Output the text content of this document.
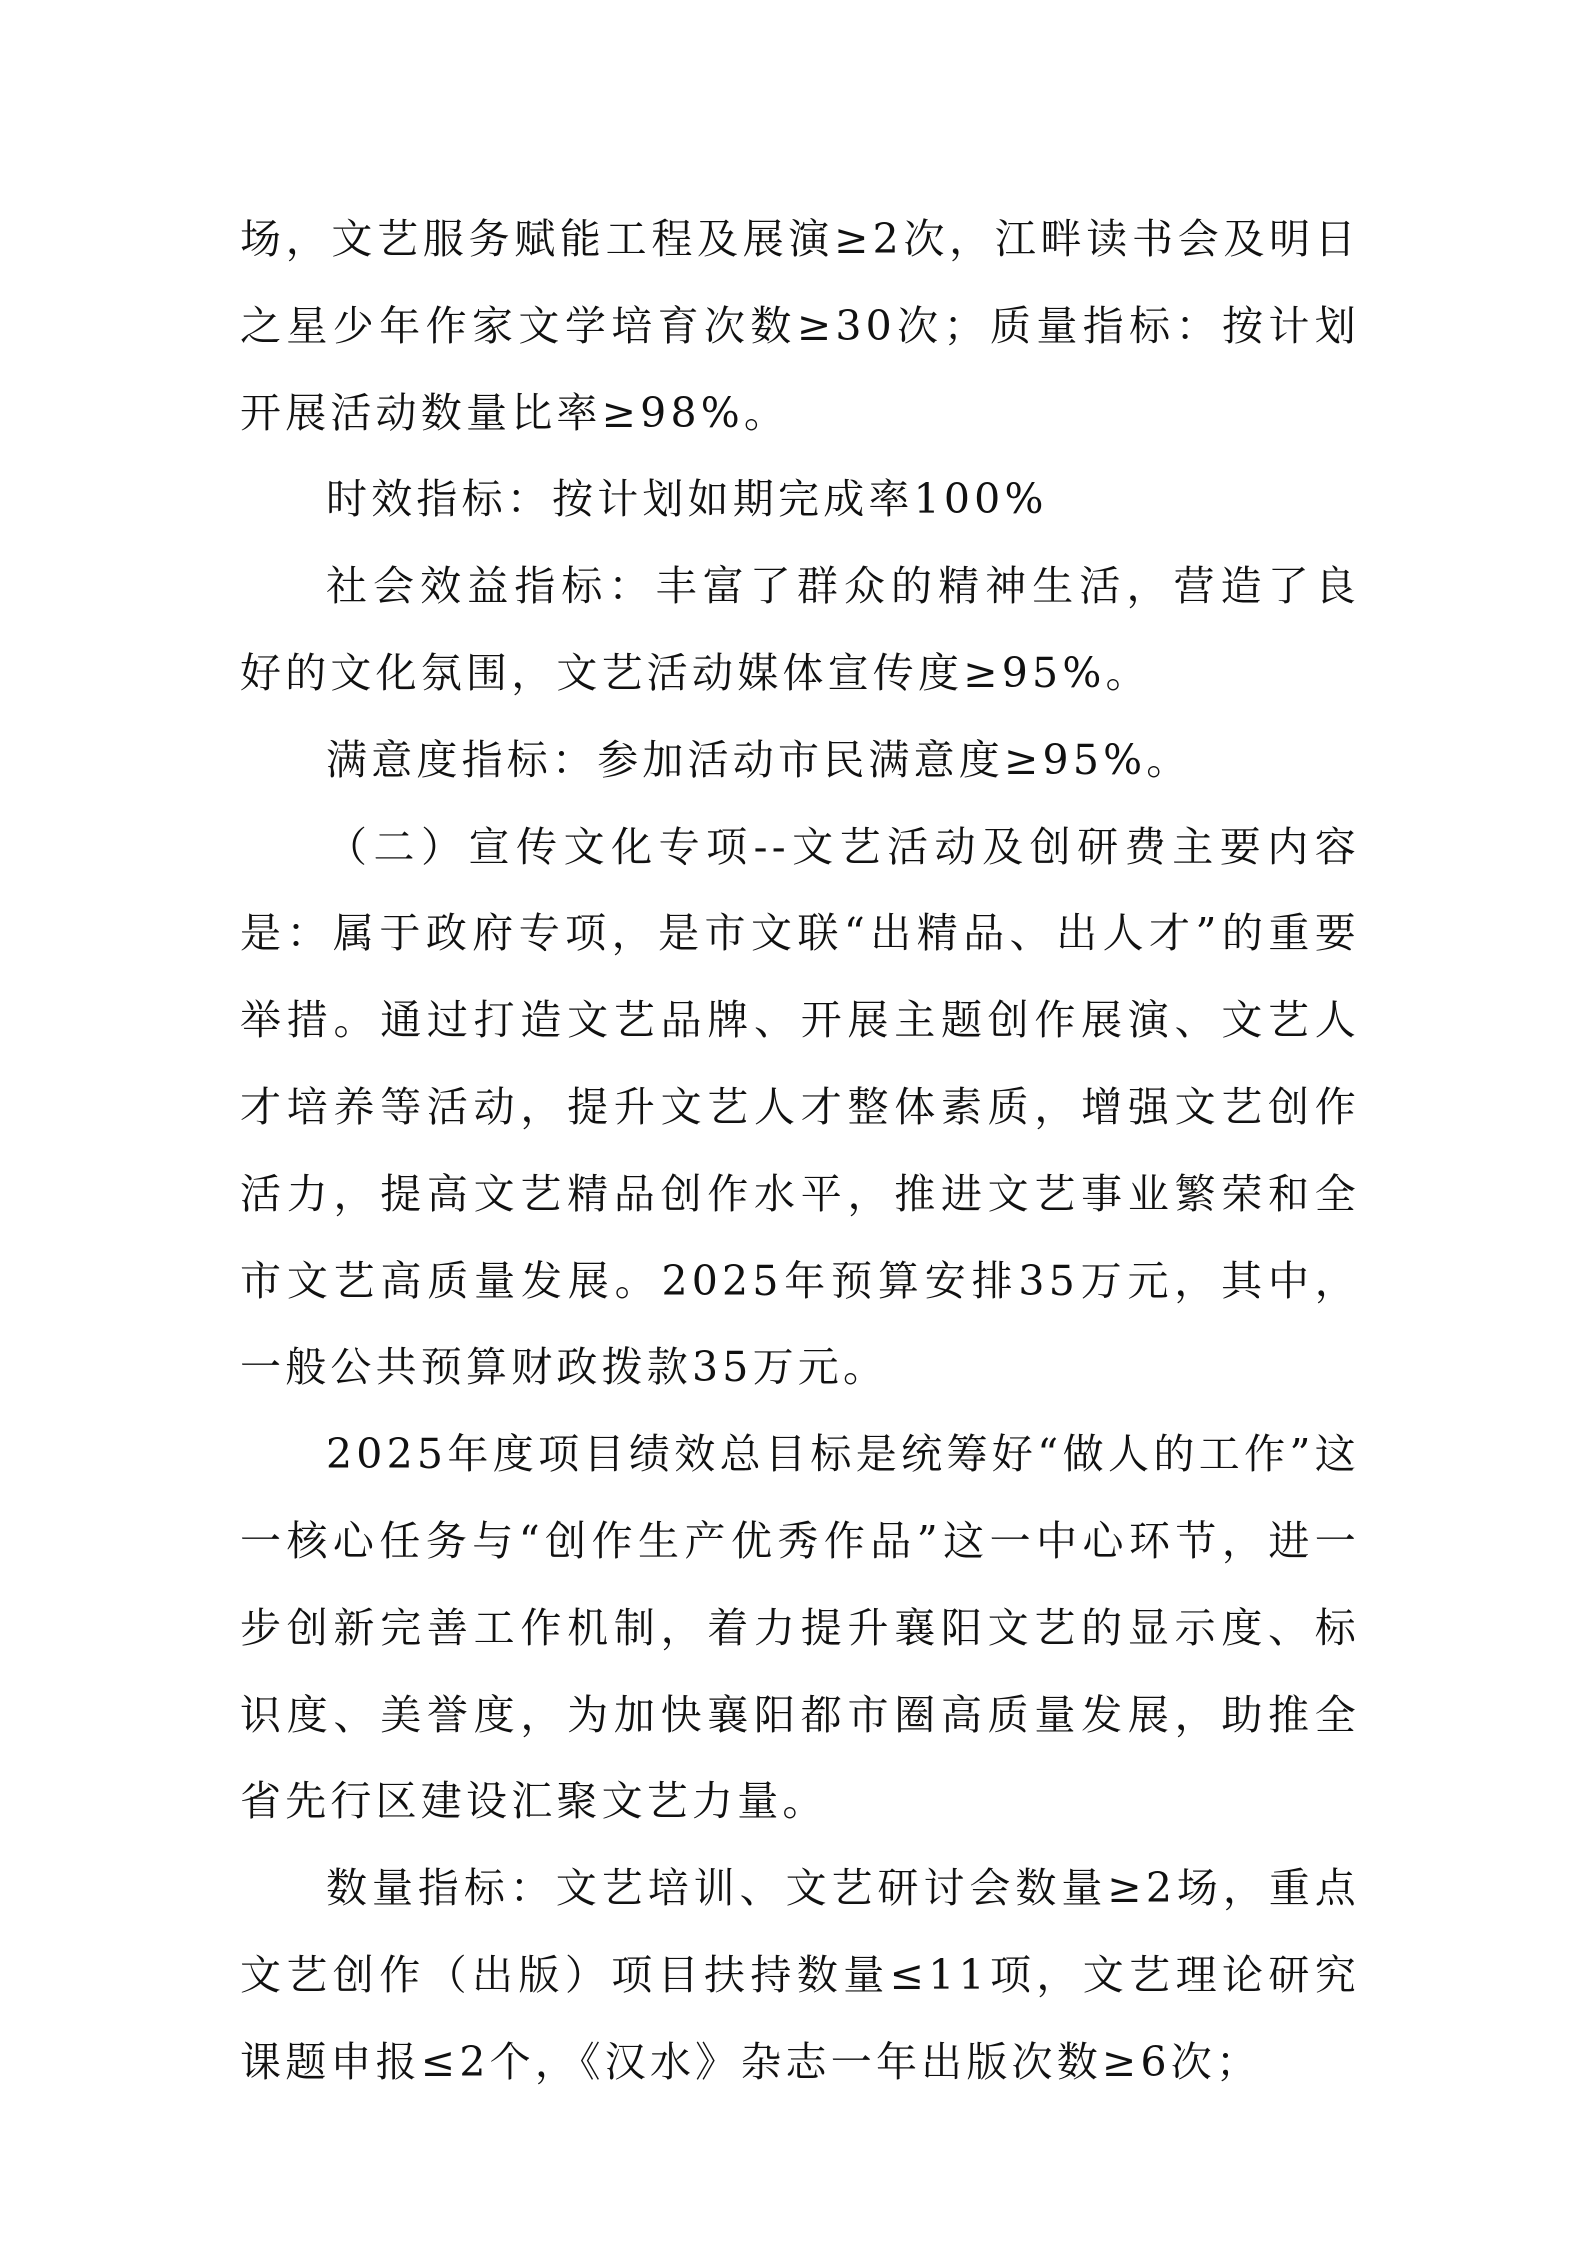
场，文艺服务赋能工程及展演≥2次，江畔读书会及明日之星少年作家文学培育次数≥30次；质量指标：按计划开展活动数量比率≥98%。

时效指标：按计划如期完成率100%

社会效益指标：丰富了群众的精神生活，营造了良好的文化氛围，文艺活动媒体宣传度≥95%。

满意度指标：参加活动市民满意度≥95%。

（二）宣传文化专项--文艺活动及创研费主要内容是：属于政府专项，是市文联“出精品、出人才”的重要举措。通过打造文艺品牌、开展主题创作展演、文艺人才培养等活动，提升文艺人才整体素质，增强文艺创作活力，提高文艺精品创作水平，推进文艺事业繁荣和全市文艺高质量发展。2025年预算安排35万元，其中，一般公共预算财政拨款35万元。

2025年度项目绩效总目标是统筹好“做人的工作”这一核心任务与“创作生产优秀作品”这一中心环节，进一步创新完善工作机制，着力提升襄阳文艺的显示度、标识度、美誉度，为加快襄阳都市圈高质量发展，助推全省先行区建设汇聚文艺力量。

数量指标：文艺培训、文艺研讨会数量≥2场，重点文艺创作（出版）项目扶持数量≤11项，文艺理论研究课题申报≤2个，《汉水》杂志一年出版次数≥6次；
